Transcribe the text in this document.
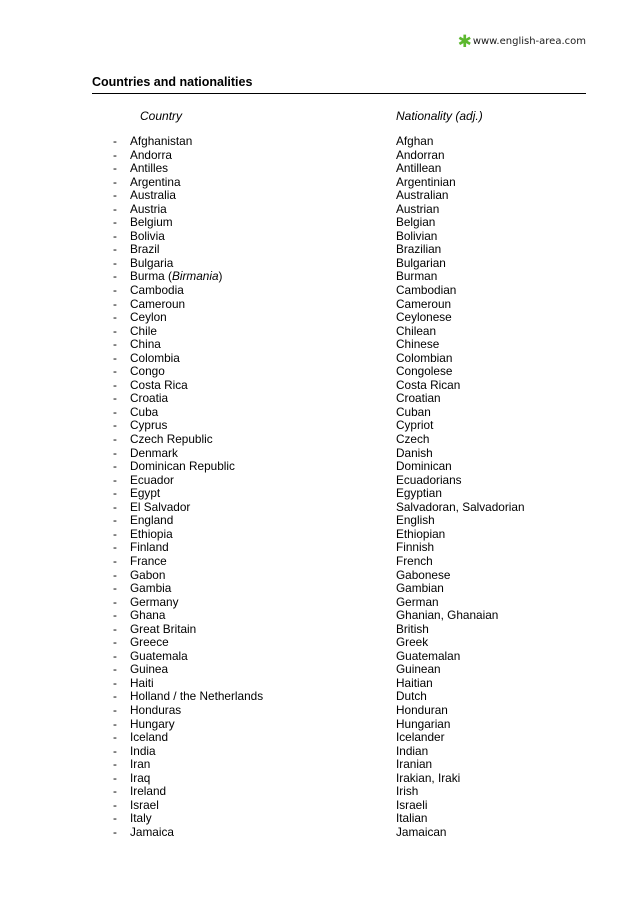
✱ www.english-area.com
Countries and nationalities
Country	Nationality (adj.)
- Afghanistan	Afghan
- Andorra	Andorran
- Antilles	Antillean
- Argentina	Argentinian
- Australia	Australian
- Austria	Austrian
- Belgium	Belgian
- Bolivia	Bolivian
- Brazil	Brazilian
- Bulgaria	Bulgarian
- Burma (Birmania)	Burman
- Cambodia	Cambodian
- Cameroun	Cameroun
- Ceylon	Ceylonese
- Chile	Chilean
- China	Chinese
- Colombia	Colombian
- Congo	Congolese
- Costa Rica	Costa Rican
- Croatia	Croatian
- Cuba	Cuban
- Cyprus	Cypriot
- Czech Republic	Czech
- Denmark	Danish
- Dominican Republic	Dominican
- Ecuador	Ecuadorians
- Egypt	Egyptian
- El Salvador	Salvadoran, Salvadorian
- England	English
- Ethiopia	Ethiopian
- Finland	Finnish
- France	French
- Gabon	Gabonese
- Gambia	Gambian
- Germany	German
- Ghana	Ghanian, Ghanaian
- Great Britain	British
- Greece	Greek
- Guatemala	Guatemalan
- Guinea	Guinean
- Haiti	Haitian
- Holland / the Netherlands	Dutch
- Honduras	Honduran
- Hungary	Hungarian
- Iceland	Icelander
- India	Indian
- Iran	Iranian
- Iraq	Irakian, Iraki
- Ireland	Irish
- Israel	Israeli
- Italy	Italian
- Jamaica	Jamaican
